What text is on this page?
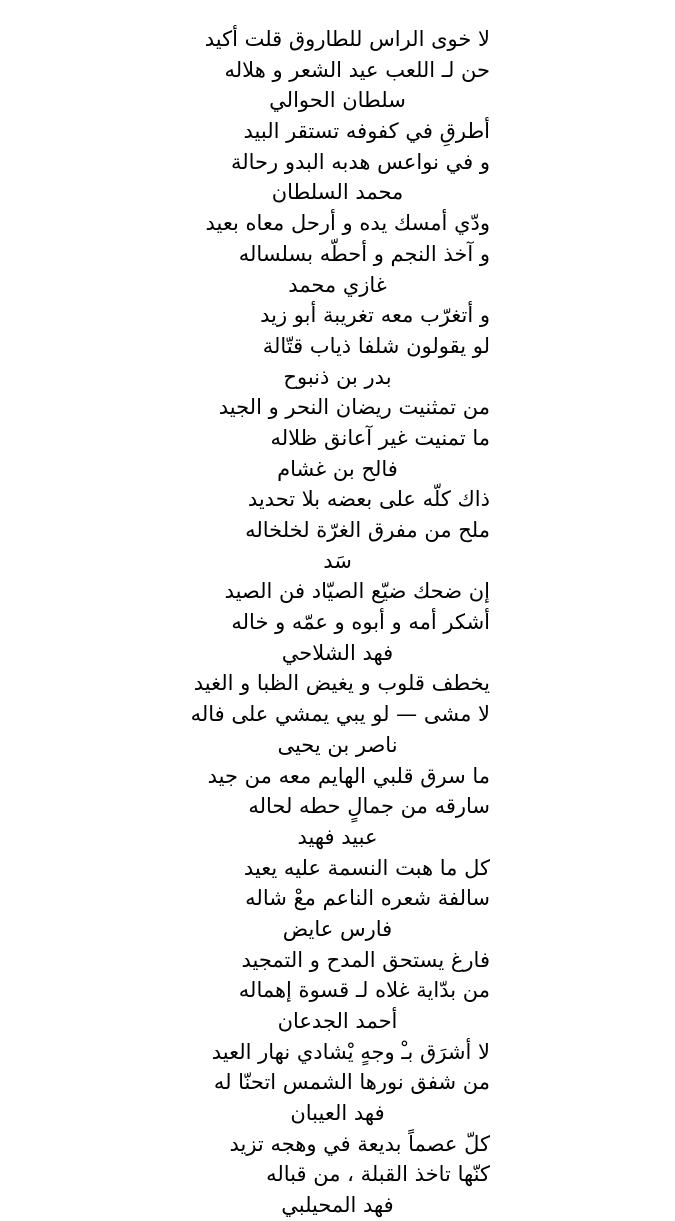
لا خوى الراس للطاروق قلت أكيد
حن لـ اللعب عيد الشعر و هلاله
سلطان الحوالي
أطرقِ في كفوفه تستقر البيد
و في نواعس هدبه البدو رحالة
محمد السلطان
ودّي أمسك يده و أرحل معاه بعيد
و آخذ النجم و أحطّه بسلساله
غازي محمد
و أتغرّب معه تغريبة أبو زيد
لو يقولون شلفا ذياب قتّالة
بدر بن ذنبوح
من تمثنيت ريضان النحر و الجيد
ما تمنيت غير آعانق ظلاله
فالح بن غشام
ذاك كلّه على بعضه بلا تحديد
ملح من مفرق الغرّة لخلخاله
سَد
إن ضحك ضيّع الصيّاد فن الصيد
أشكر أمه و أبوه و عمّه و خاله
فهد الشلاحي
يخطف قلوب و يغيض الظبا و الغيد
لا مشى — لو يبي يمشي على فاله
ناصر بن يحيى
ما سرق قلبي الهايم معه من جيد
سارقه من جمالٍ حطه لحاله
عبيد فهيد
كل ما هبت النسمة عليه يعيد
سالفة شعره الناعم معْ شاله
فارس عايض
فارغ يستحق المدح و التمجيد
من بدّاية غلاه لـ قسوة إهماله
أحمد الجدعان
لا أشرَق بـْ وجهٍ يْشادي نهار العيد
من شفق نورها الشمس اتحنّا له
فهد العيبان
كلّ عصماً بديعة في وهجه تزيد
كنّها تاخذ القبلة ، من قباله
فهد المحيلبي
